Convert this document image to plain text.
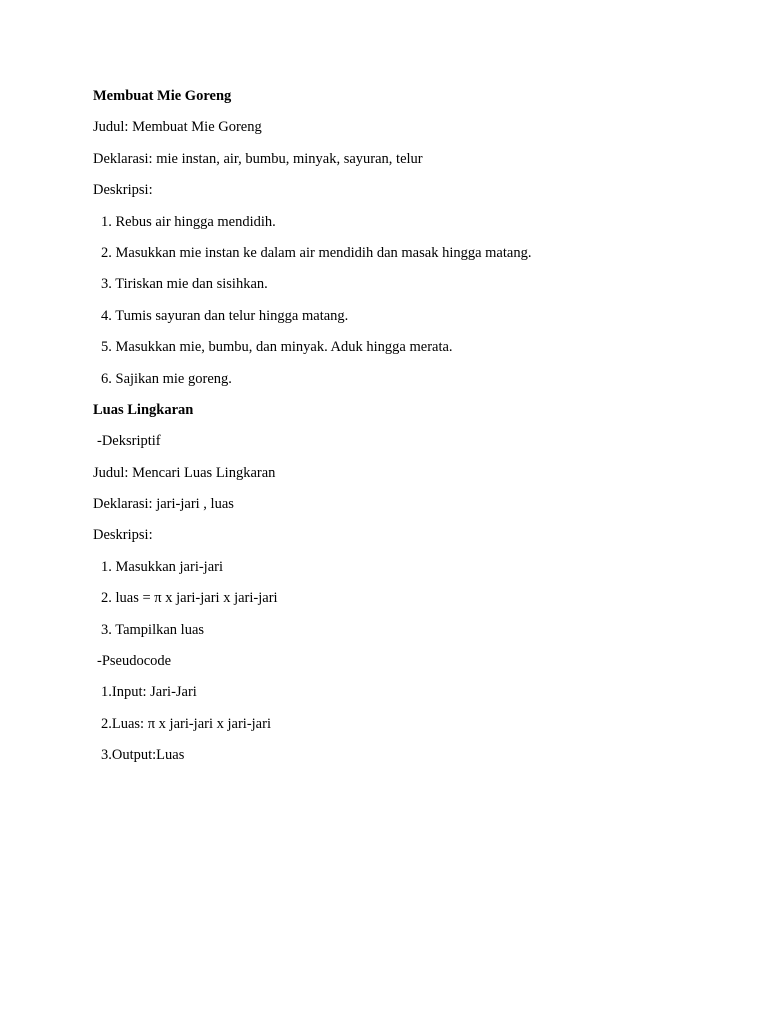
Membuat Mie Goreng
Judul: Membuat Mie Goreng
Deklarasi: mie instan, air, bumbu, minyak, sayuran, telur
Deskripsi:
1. Rebus air hingga mendidih.
2. Masukkan mie instan ke dalam air mendidih dan masak hingga matang.
3. Tiriskan mie dan sisihkan.
4. Tumis sayuran dan telur hingga matang.
5. Masukkan mie, bumbu, dan minyak. Aduk hingga merata.
6. Sajikan mie goreng.
Luas Lingkaran
-Deksriptif
Judul: Mencari Luas Lingkaran
Deklarasi: jari-jari , luas
Deskripsi:
1. Masukkan jari-jari
2. luas = π x jari-jari x jari-jari
3. Tampilkan luas
-Pseudocode
1.Input: Jari-Jari
2.Luas: π x jari-jari x jari-jari
3.Output:Luas
